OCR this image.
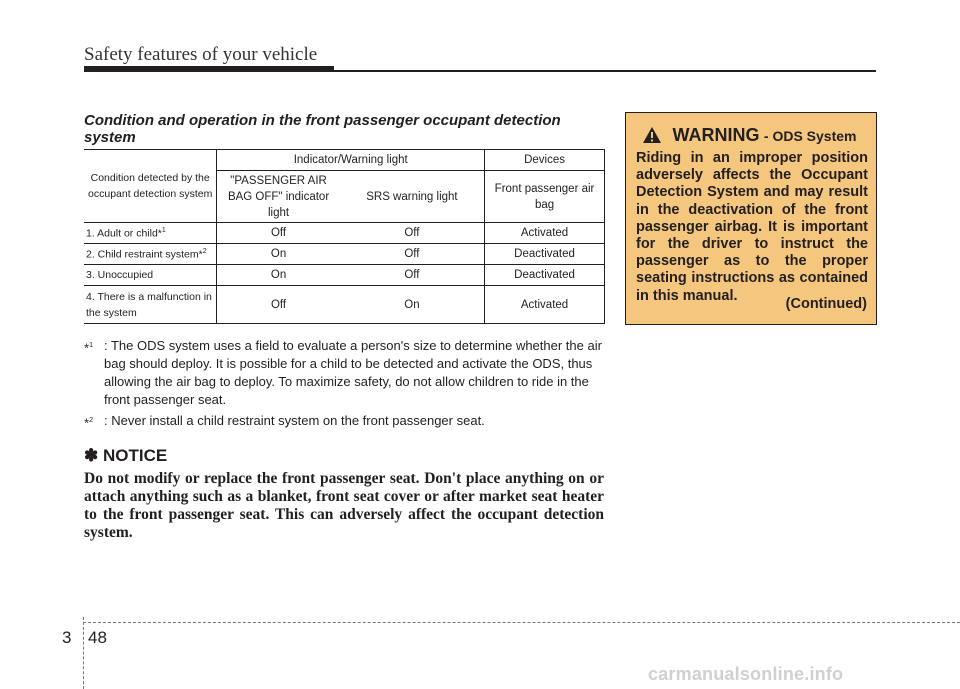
Safety features of your vehicle
Condition and operation in the front passenger occupant detection system
Condition detected by the occupant detection system	Indicator/Warning light		Devices
	"PASSENGER AIR BAG OFF" indicator light	SRS warning light	Front passenger air bag
1. Adult or child*$^1$	Off	Off	Activated
2. Child restraint system*$^2$	On	Off	Deactivated
3. Unoccupied	On	Off	Deactivated
4. There is a malfunction in the system	Off	On	Activated
*$^1$ : The ODS system uses a field to evaluate a person's size to determine whether the air bag should deploy. It is possible for a child to be detected and activate the ODS, thus allowing the air bag to deploy. To maximize safety, do not allow children to ride in the front passenger seat.
*$^2$ : Never install a child restraint system on the front passenger seat.
✽ NOTICE
Do not modify or replace the front passenger seat. Don't place anything on or attach anything such as a blanket, front seat cover or after market seat heater to the front passenger seat. This can adversely affect the occupant detection system.
WARNING - ODS System
Riding in an improper position adversely affects the Occupant Detection System and may result in the deactivation of the front passenger airbag. It is important for the driver to instruct the passenger as to the proper seating instructions as contained in this manual.
(Continued)
3 48
carmanualsonline.info
